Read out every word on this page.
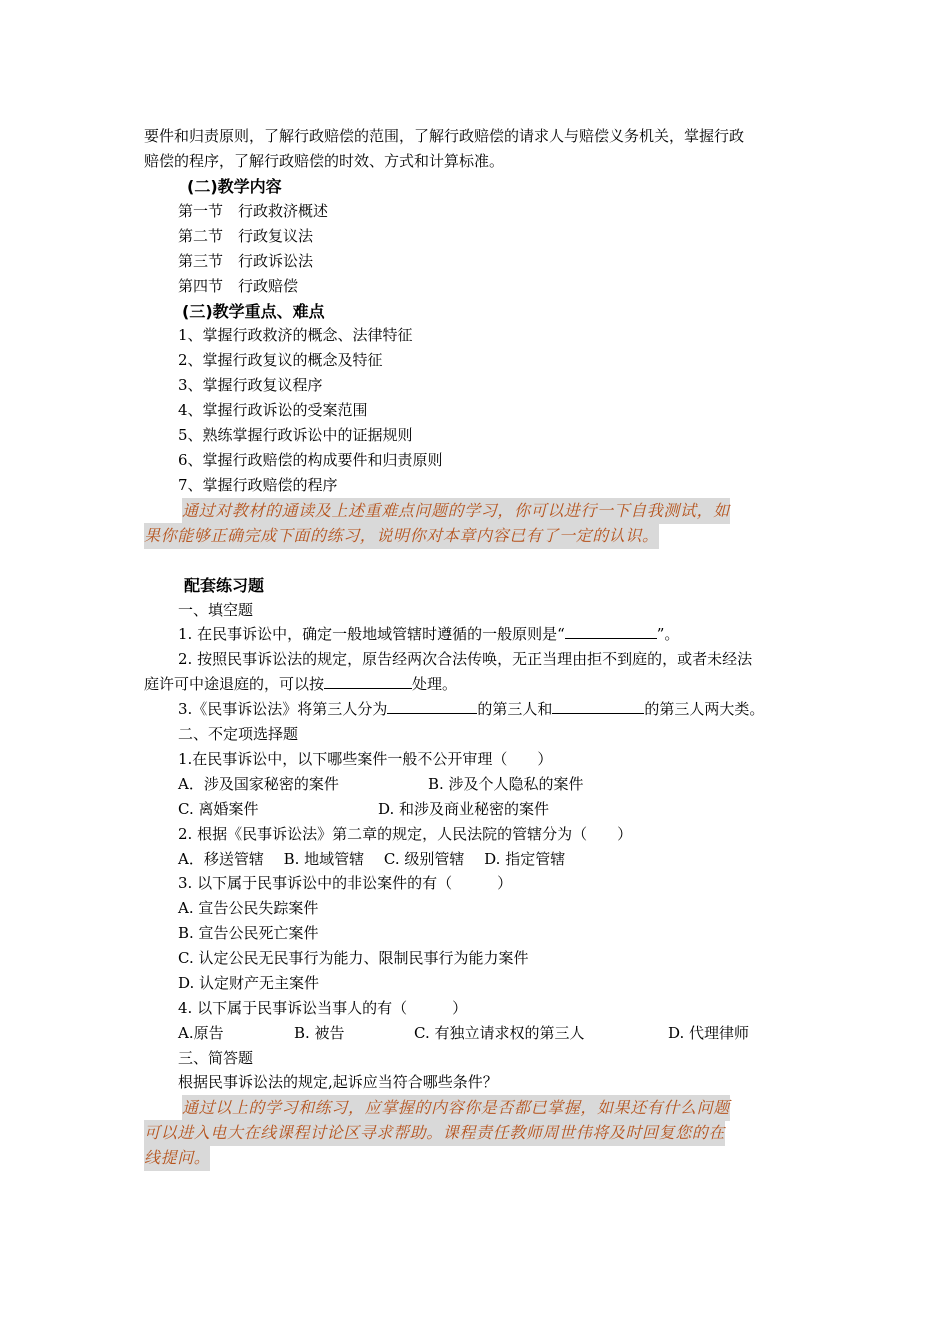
要件和归责原则，了解行政赔偿的范围，了解行政赔偿的请求人与赔偿义务机关，掌握行政
赔偿的程序，了解行政赔偿的时效、方式和计算标准。
(二)教学内容
第一节　行政救济概述
第二节　行政复议法
第三节　行政诉讼法
第四节　行政赔偿
(三)教学重点、难点
1、掌握行政救济的概念、法律特征
2、掌握行政复议的概念及特征
3、掌握行政复议程序
4、掌握行政诉讼的受案范围
5、熟练掌握行政诉讼中的证据规则
6、掌握行政赔偿的构成要件和归责原则
7、掌握行政赔偿的程序
通过对教材的通读及上述重难点问题的学习，你可以进行一下自我测试，如
果你能够正确完成下面的练习，说明你对本章内容已有了一定的认识。
配套练习题
一、填空题
1. 在民事诉讼中，确定一般地域管辖时遵循的一般原则是“	”。
2. 按照民事诉讼法的规定，原告经两次合法传唤，无正当理由拒不到庭的，或者未经法
庭许可中途退庭的，可以按	处理。
3.《民事诉讼法》将第三人分为	的第三人和	的第三人两大类。
二、不定项选择题
1.在民事诉讼中，以下哪些案件一般不公开审理（　　）
A．涉及国家秘密的案件	B. 涉及个人隐私的案件
C. 离婚案件	D. 和涉及商业秘密的案件
2. 根据《民事诉讼法》第二章的规定，人民法院的管辖分为（　　）
A．移送管辖　 B. 地域管辖　 C. 级别管辖　 D. 指定管辖
3. 以下属于民事诉讼中的非讼案件的有（　　　）
A. 宣告公民失踪案件
B. 宣告公民死亡案件
C. 认定公民无民事行为能力、限制民事行为能力案件
D. 认定财产无主案件
4. 以下属于民事诉讼当事人的有（　　　）
A.原告	B. 被告	C. 有独立请求权的第三人	D. 代理律师
三、简答题
根据民事诉讼法的规定,起诉应当符合哪些条件？
通过以上的学习和练习，应掌握的内容你是否都已掌握，如果还有什么问题
可以进入电大在线课程讨论区寻求帮助。课程责任教师周世伟将及时回复您的在
线提问。
